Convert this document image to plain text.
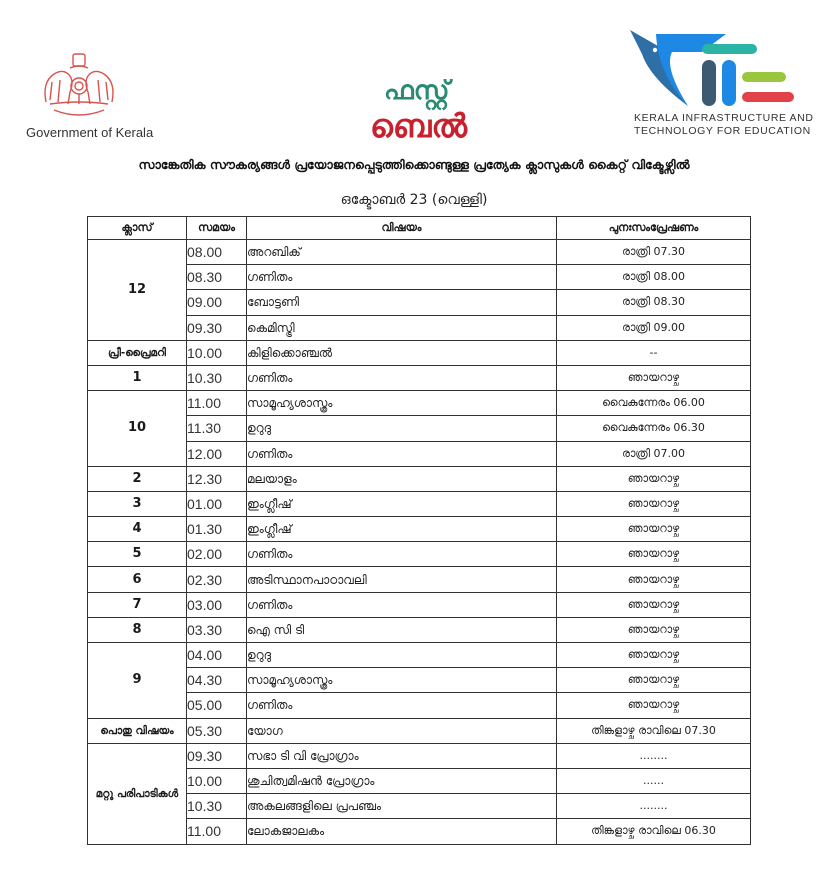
Government of Kerala
ഫസ്റ്റ്
ബെൽ	KERALA INFRASTRUCTURE AND
TECHNOLOGY FOR EDUCATION
സാങ്കേതിക സൗകര്യങ്ങൾ പ്രയോജനപ്പെടുത്തിക്കൊണ്ടുള്ള പ്രത്യേക ക്ലാസുകൾ കൈറ്റ് വിക്ടേഴ്സിൽ
ഒക്ടോബർ 23 (വെള്ളി)
ക്ലാസ്	സമയം	വിഷയം	പുനഃസംപ്രേഷണം
12	08.00	അറബിക്	രാത്രി 07.30
	08.30	ഗണിതം	രാത്രി 08.00
	09.00	ബോട്ടണി	രാത്രി 08.30
	09.30	കെമിസ്ട്രി	രാത്രി 09.00
പ്രീ-പ്രൈമറി	10.00	കിളിക്കൊഞ്ചൽ	--
1	10.30	ഗണിതം	ഞായറാഴ്ച
10	11.00	സാമൂഹ്യശാസ്ത്രം	വൈകുന്നേരം 06.00
	11.30	ഉറുദു	വൈകുന്നേരം 06.30
	12.00	ഗണിതം	രാത്രി 07.00
2	12.30	മലയാളം	ഞായറാഴ്ച
3	01.00	ഇംഗ്ലീഷ്	ഞായറാഴ്ച
4	01.30	ഇംഗ്ലീഷ്	ഞായറാഴ്ച
5	02.00	ഗണിതം	ഞായറാഴ്ച
6	02.30	അടിസ്ഥാനപാഠാവലി	ഞായറാഴ്ച
7	03.00	ഗണിതം	ഞായറാഴ്ച
8	03.30	ഐ സി ടി	ഞായറാഴ്ച
9	04.00	ഉറുദു	ഞായറാഴ്ച
	04.30	സാമൂഹ്യശാസ്ത്രം	ഞായറാഴ്ച
	05.00	ഗണിതം	ഞായറാഴ്ച
പൊതു വിഷയം	05.30	യോഗ	തിങ്കളാഴ്ച രാവിലെ 07.30
മറ്റു പരിപാടികൾ	09.30	സഭാ ടി വി പ്രോഗ്രാം	........
	10.00	ശുചിത്വമിഷൻ പ്രോഗ്രാം	......
	10.30	അകലങ്ങളിലെ പ്രപഞ്ചം	........
	11.00	ലോകജാലകം	തിങ്കളാഴ്ച രാവിലെ 06.30
